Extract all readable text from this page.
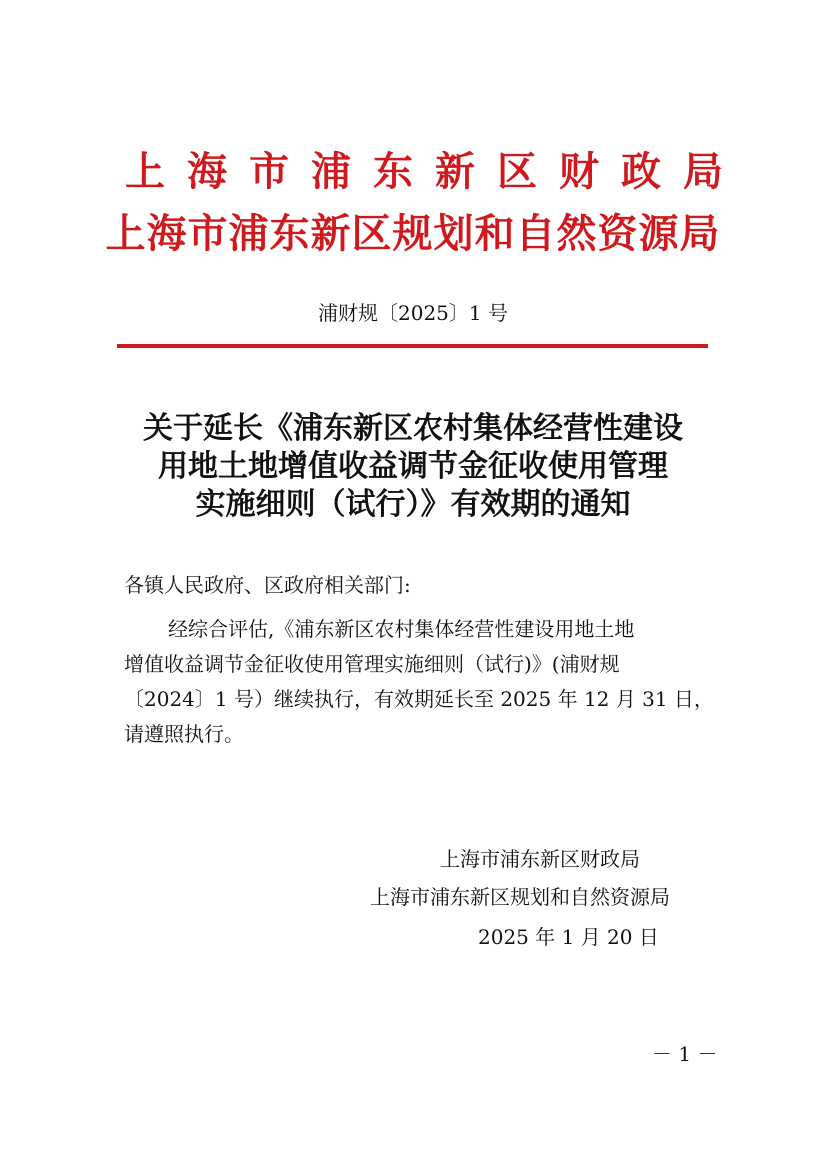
上海市浦东新区财政局
上海市浦东新区规划和自然资源局
浦财规〔2025〕1 号
关于延长《浦东新区农村集体经营性建设
用地土地增值收益调节金征收使用管理
实施细则（试行）》有效期的通知
各镇人民政府、区政府相关部门:
经综合评估,《浦东新区农村集体经营性建设用地土地
增值收益调节金征收使用管理实施细则（试行)》(浦财规
〔2024〕1 号）继续执行，有效期延长至 2025 年 12 月 31 日，
请遵照执行。
上海市浦东新区财政局
上海市浦东新区规划和自然资源局
2025 年 1 月 20 日
－ 1 －
